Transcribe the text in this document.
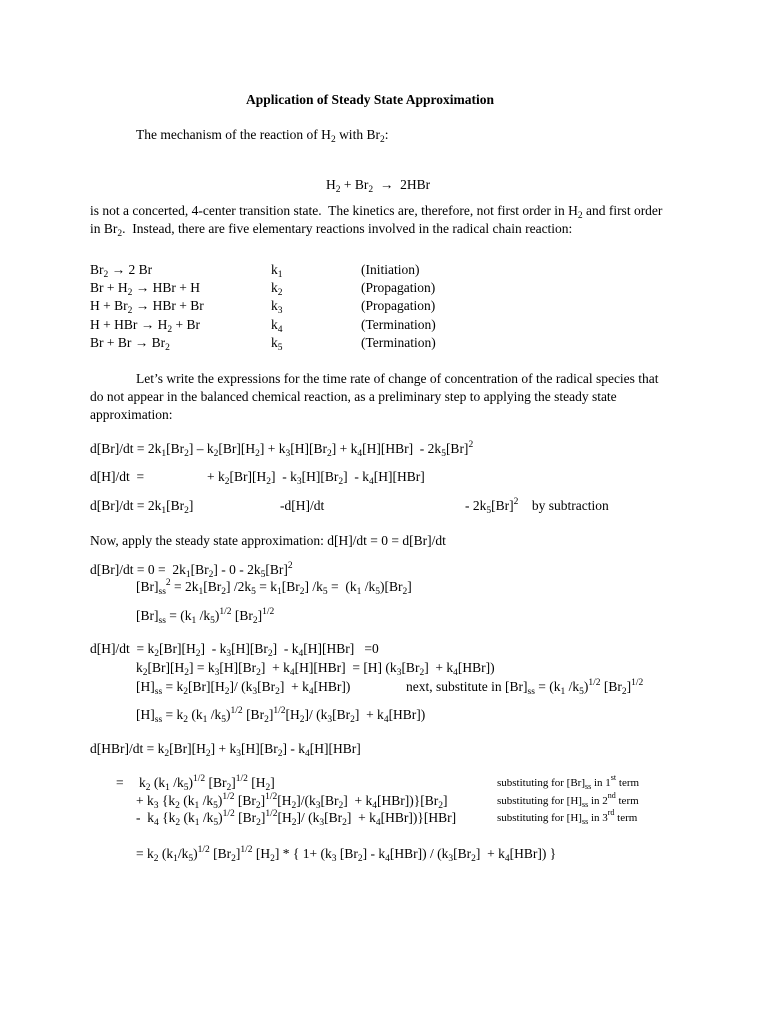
Application of Steady State Approximation
The mechanism of the reaction of $H_2$ with $Br_2$:
$H_2 + Br_2 \to 2HBr$
is not a concerted, 4-center transition state.  The kinetics are, therefore, not first order in $H_2$ and first order in $Br_2$.  Instead, there are five elementary reactions involved in the radical chain reaction:
$Br_2 \to 2$ Br	$k_1$	(Initiation)
$Br + H_2$ → HBr + H	$k_2$	(Propagation)
$H + Br_2$ → HBr + Br	$k_3$	(Propagation)
H + HBr → $H_2 + Br$	$k_4$	(Termination)
$Br + Br \to Br_2$	$k_5$	(Termination)
Let’s write the expressions for the time rate of change of concentration of the radical species that do not appear in the balanced chemical reaction, as a preliminary step to applying the steady state approximation:
$d[Br]/dt = 2k_1[Br_2] - k_2[Br][H_2] + k_3[H][Br_2] + k_4[H][HBr] - 2k_5[Br]^2$
d[H]/dt  =	+ $k_2[Br][H_2] - k_3[H][Br_2] - k_4[H][HBr]$
$d[Br]/dt = 2k_1[Br_2]$	-d[H]/dt	- $2k_5[Br]^2$    by subtraction
Now, apply the steady state approximation: d[H]/dt = 0 = d[Br]/dt
$d[Br]/dt = 0 = 2k_1[Br_2] - 0 - 2k_5[Br]^2$
$[Br]_{ss}^2 = 2k_1[Br_2] /2k_5 = k_1[Br_2] /k_5 = (k_1$ $/k_5)[Br_2]$
$[Br]_{ss} = (k_1$ $/k_5)^{1/2}$ $[Br_2]^{1/2}$
$d[H]/dt = k_2[Br][H_2] - k_3[H][Br_2] - k_4[H][HBr] =0$
$k_2[Br][H_2] = k_3[H][Br_2] + k_4[H][HBr] = [H] (k_3[Br_2] + k_4[HBr])$
$[H]_{ss} = k_2[Br][H_2]/$ $(k_3[Br_2] + k_4[HBr])$	next, substitute in $[Br]_{ss} = (k_1$ $/k_5)^{1/2}$ $[Br_2]^{1/2}$
$[H]_{ss} = k_2$ ($k_1$ $/k_5)^{1/2}$ $[Br_2]^{1/2}[H_2]/$ $(k_3[Br_2] + k_4[HBr])$
$d[HBr]/dt = k_2[Br][H_2] + k_3[H][Br_2] - k_4[H][HBr]$
= $k_2$ ($k_1$ $/k_5)^{1/2}$ $[Br_2]^{1/2}$ $[H_2]$	substituting for $[Br]_{ss}$ in 1st term
+ $k_3$ {$k_2$ ($k_1$ $/k_5)^{1/2}$ $[Br_2]^{1/2}[H_2]/(k_3[Br_2] + k_4[HBr])\}[Br_2]$	substituting for $[H]_{ss}$ in 2nd term
-  $k_4$ {$k_2$ ($k_1$ $/k_5)^{1/2}$ $[Br_2]^{1/2}[H_2]/$ $(k_3[Br_2] + k_4[HBr])\}[HBr]$	substituting for $[H]_{ss}$ in 3rd term
= $k_2$ $(k_1/k_5)^{1/2}$ $[Br_2]^{1/2}$ $[H_2]$ * { $1+ (k_3$ $[Br_2] - k_4[HBr]) / (k_3[Br_2] + k_4[HBr])$ }
